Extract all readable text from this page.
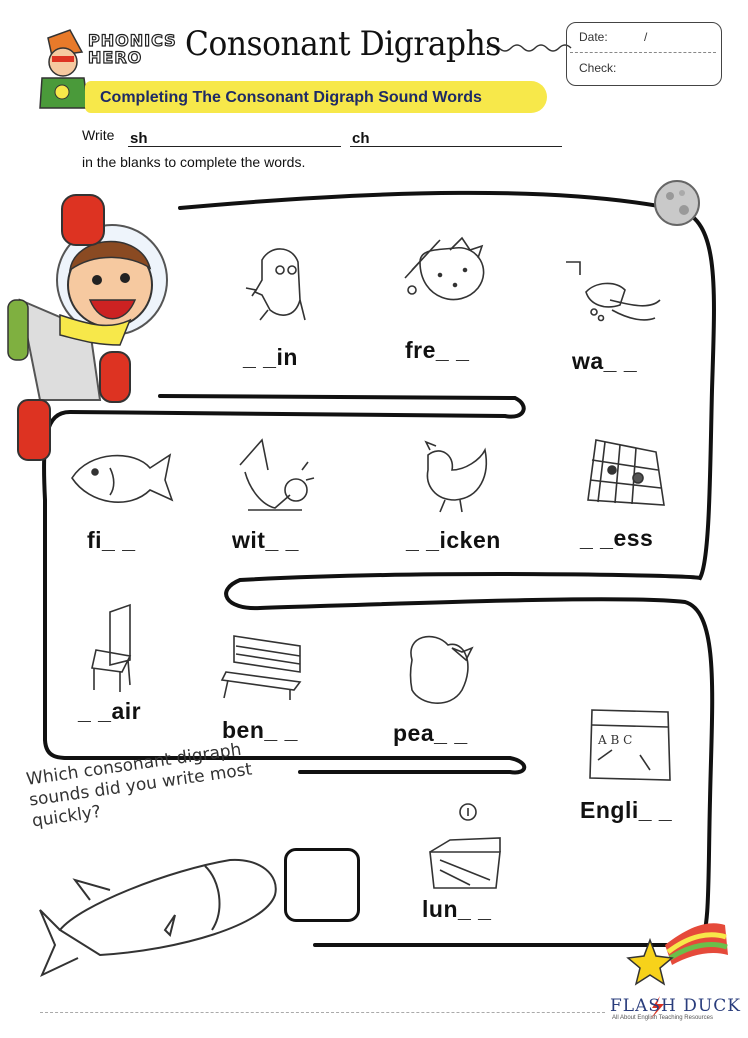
A B C
PHONICS
HERO	Consonant Digraphs
Completing The Consonant Digraph Sound Words
Date:	/
Check:
Write sh	ch
in the blanks to complete the words.
_ _in	fre_ _	wa_ _
fi_ _	wit_ _	_ _icken	_ _ess
_ _air
ben_ _	pea_ _
Engli_ _
lun_ _
Which consonant digraph
sounds did you write most
quickly?
FLASH DUCK
All About English Teaching Resources
